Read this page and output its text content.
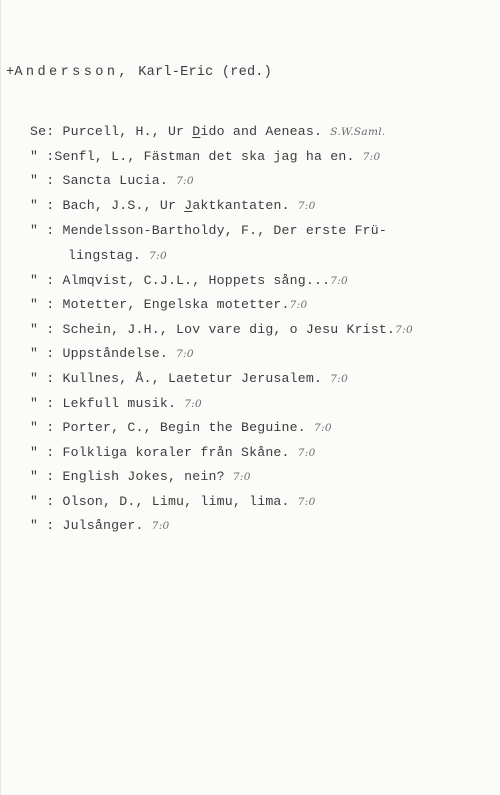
+Andersson, Karl-Eric (red.)
Se: Purcell, H., Ur Dido and Aeneas. S.W.Saml.
" :Senfl, L., Fästman det ska jag ha en. 7:0
" : Sancta Lucia. 7:0
" : Bach, J.S., Ur Jaktkantaten. 7:0
" : Mendelsson-Bartholdy, F., Der erste Frü-
lingstag. 7:0
" : Almqvist, C.J.L., Hoppets sång...7:0
" : Motetter, Engelska motetter.7:0
" : Schein, J.H., Lov vare dig, o Jesu Krist.7:0
" : Uppståndelse. 7:0
" : Kullnes, Å., Laetetur Jerusalem. 7:0
" : Lekfull musik. 7:0
" : Porter, C., Begin the Beguine. 7:0
" : Folkliga koraler från Skåne. 7:0
" : English Jokes, nein? 7:0
" : Olson, D., Limu, limu, lima. 7:0
" : Julsånger. 7:0
